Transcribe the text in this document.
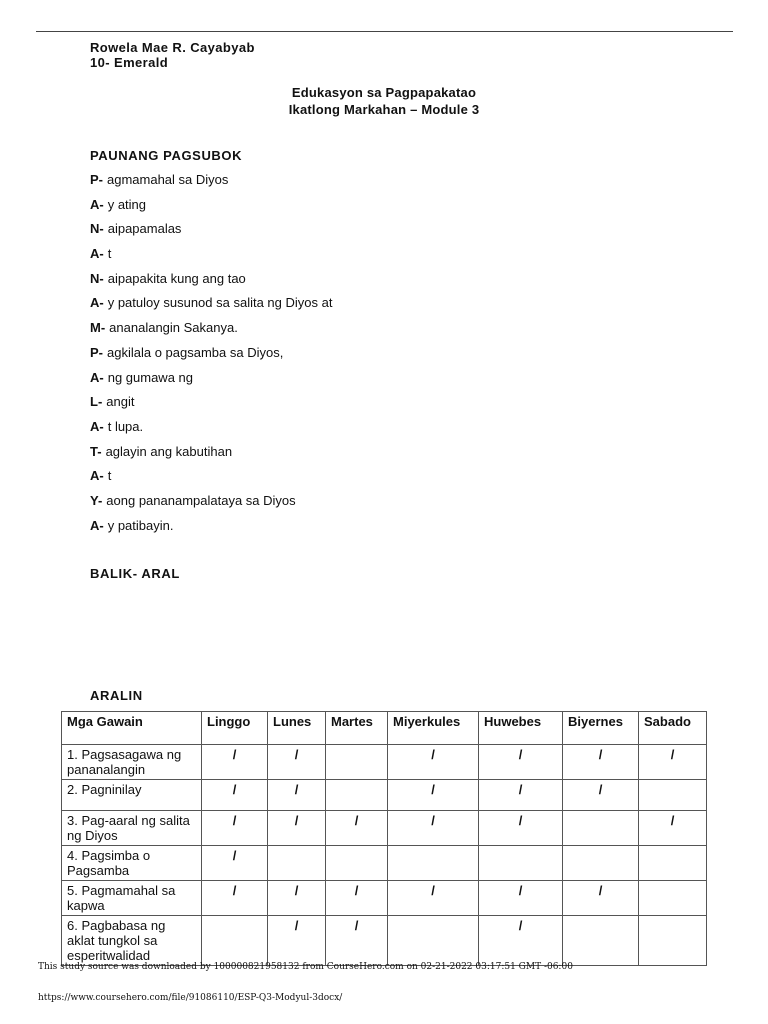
Rowela Mae R. Cayabyab
10- Emerald
Edukasyon sa Pagpapakatao
Ikatlong Markahan – Module 3
PAUNANG PAGSUBOK
P- agmamahal sa Diyos
A- y ating
N- aipapamalas
A- t
N- aipapakita kung ang tao
A- y patuloy susunod sa salita ng Diyos at
M- ananalangin Sakanya.
P- agkilala o pagsamba sa Diyos,
A- ng gumawa ng
L- angit
A- t lupa.
T- aglayin ang kabutihan
A- t
Y- aong pananampalataya sa Diyos
A- y patibayin.
BALIK- ARAL
ARALIN
Mga Gawain	Linggo	Lunes	Martes	Miyerkules	Huwebes	Biyernes	Sabado
1. Pagsasagawa ng pananalangin	/	/		/	/	/	/
2. Pagninilay	/	/		/	/	/	
3. Pag-aaral ng salita ng Diyos	/	/	/	/	/		/
4. Pagsimba o Pagsamba	/						
5. Pagmamahal sa kapwa	/	/	/	/	/	/	
6. Pagbabasa ng aklat tungkol sa esperitwalidad		/	/		/		
This study source was downloaded by 100000821958132 from CourseHero.com on 02-21-2022 03:17:51 GMT -06:00
https://www.coursehero.com/file/91086110/ESP-Q3-Modyul-3docx/
